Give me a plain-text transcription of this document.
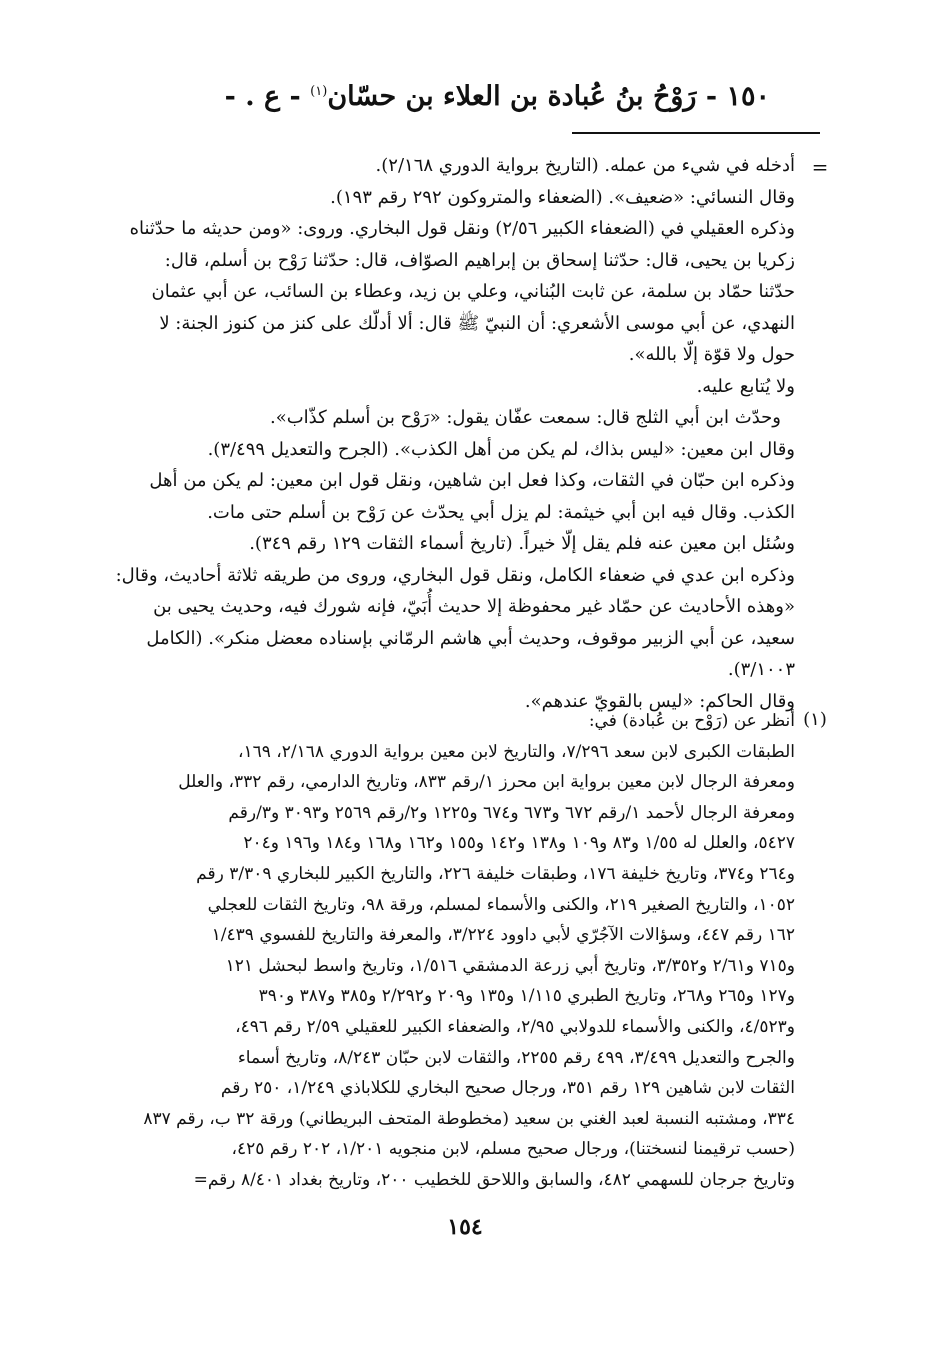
١٥٠ - رَوْحُ بنُ عُبادة بن العلاء بن حسّان$^{(١)}$ - ع . -
=

أدخله في شيء من عمله. (التاريخ برواية الدوري ٢/١٦٨).

وقال النسائي: «ضعيف». (الضعفاء والمتروكون ٢٩٢ رقم ١٩٣).

وذكره العقيلي في (الضعفاء الكبير ٢/٥٦) ونقل قول البخاري. وروى: «ومن حديثه ما حدّثناه

زكريا بن يحيى، قال: حدّثنا إسحاق بن إبراهيم الصوّاف، قال: حدّثنا رَوْح بن أسلم، قال:

حدّثنا حمّاد بن سلمة، عن ثابت البُناني، وعلي بن زيد، وعطاء بن السائب، عن أبي عثمان

النهدي، عن أبي موسى الأشعري: أن النبيّ ﷺ قال: ألا أدلّك على كنز من كنوز الجنة: لا

حول ولا قوّة إلّا بالله».

ولا يُتابع عليه.

وحدّث ابن أبي الثلج قال: سمعت عفّان يقول: «رَوْح بن أسلم كذّاب».

وقال ابن معين: «ليس بذاك، لم يكن من أهل الكذب». (الجرح والتعديل ٣/٤٩٩).

وذكره ابن حبّان في الثقات، وكذا فعل ابن شاهين، ونقل قول ابن معين: لم يكن من أهل

الكذب. وقال فيه ابن أبي خيثمة: لم يزل أبي يحدّث عن رَوْح بن أسلم حتى مات.

وسُئل ابن معين عنه فلم يقل إلّا خيراً. (تاريخ أسماء الثقات ١٢٩ رقم ٣٤٩).

وذكره ابن عدي في ضعفاء الكامل، ونقل قول البخاري، وروى من طريقه ثلاثة أحاديث، وقال:

«وهذه الأحاديث عن حمّاد غير محفوظة إلا حديث أُبَيّ، فإنه شورك فيه، وحديث يحيى بن

سعيد، عن أبي الزبير موقوف، وحديث أبي هاشم الرمّاني بإسناده معضل منكر». (الكامل

٣/١٠٠٣).

وقال الحاكم: «ليس بالقويّ عندهم».

(١)

أنظر عن (رَوْح بن عُبادة) في:

الطبقات الكبرى لابن سعد ٧/٢٩٦، والتاريخ لابن معين برواية الدوري ٢/١٦٨، ١٦٩،

ومعرفة الرجال لابن معين برواية ابن محرز ١/رقم ٨٣٣، وتاريخ الدارمي، رقم ٣٣٢، والعلل

ومعرفة الرجال لأحمد ١/رقم ٦٧٢ و٦٧٣ و٦٧٤ و١٢٢٥ و٢/رقم ٢٥٦٩ و٣٠٩٣ و٣/رقم

٥٤٢٧، والعلل له ١/٥٥ و٨٣ و١٠٩ و١٣٨ و١٤٢ و١٥٥ و١٦٢ و١٦٨ و١٨٤ و١٩٦ و٢٠٤

و٢٦٤ و٣٧٤، وتاريخ خليفة ١٧٦، وطبقات خليفة ٢٢٦، والتاريخ الكبير للبخاري ٣/٣٠٩ رقم

١٠٥٢، والتاريخ الصغير ٢١٩، والكنى والأسماء لمسلم، ورقة ٩٨، وتاريخ الثقات للعجلي

١٦٢ رقم ٤٤٧، وسؤالات الآجُرّي لأبي داوود ٣/٢٢٤، والمعرفة والتاريخ للفسوي ١/٤٣٩

و٧١٥ و٢/٦١ و٣/٣٥٢، وتاريخ أبي زرعة الدمشقي ١/٥١٦، وتاريخ واسط لبحشل ١٢١

و١٢٧ و٢٦٥ و٢٦٨، وتاريخ الطبري ١/١١٥ و١٣٥ و٢٠٩ و٢/٢٩٢ و٣٨٥ و٣٨٧ و٣٩٠

و٤/٥٢٣، والكنى والأسماء للدولابي ٢/٩٥، والضعفاء الكبير للعقيلي ٢/٥٩ رقم ٤٩٦،

والجرح والتعديل ٣/٤٩٩، ٤٩٩ رقم ٢٢٥٥، والثقات لابن حبّان ٨/٢٤٣، وتاريخ أسماء

الثقات لابن شاهين ١٢٩ رقم ٣٥١، ورجال صحيح البخاري للكلاباذي ١/٢٤٩، ٢٥٠ رقم

٣٣٤، ومشتبه النسبة لعبد الغني بن سعيد (مخطوطة المتحف البريطاني) ورقة ٣٢ ب، رقم ٨٣٧

(حسب ترقيمنا لنسختنا)، ورجال صحيح مسلم، لابن منجويه ١/٢٠١، ٢٠٢ رقم ٤٢٥،

وتاريخ جرجان للسهمي ٤٨٢، والسابق واللاحق للخطيب ٢٠٠، وتاريخ بغداد ٨/٤٠١ رقم=

١٥٤
